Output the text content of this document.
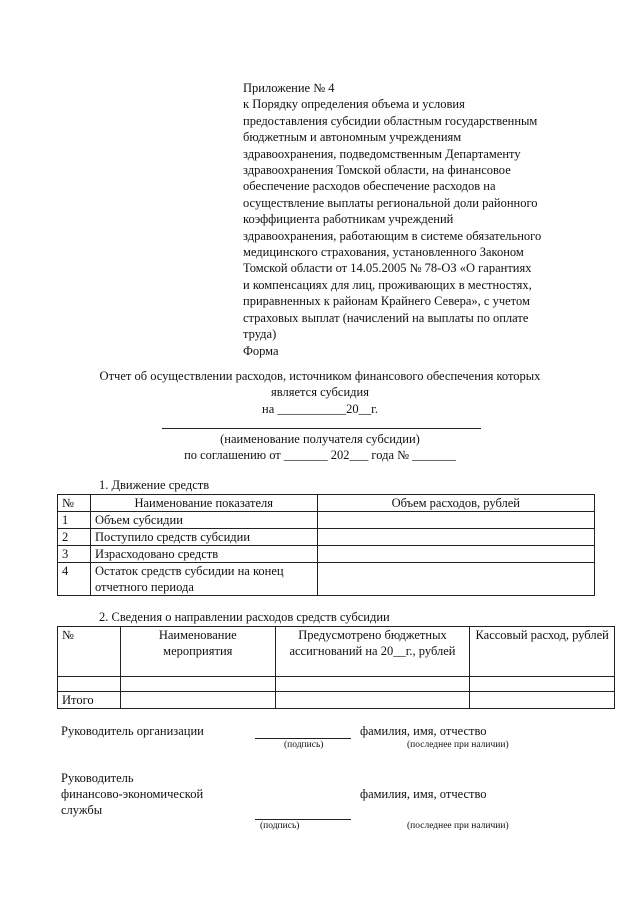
Приложение № 4
к Порядку определения объема и условия
предоставления субсидии областным государственным
бюджетным и автономным учреждениям
здравоохранения, подведомственным Департаменту
здравоохранения Томской области, на финансовое
обеспечение расходов обеспечение расходов на
осуществление выплаты региональной доли районного
коэффициента работникам учреждений
здравоохранения, работающим в системе обязательного
медицинского страхования, установленного Законом
Томской области от 14.05.2005 № 78-ОЗ «О гарантиях
и компенсациях для лиц, проживающих в местностях,
приравненных к районам Крайнего Севера», с учетом
страховых выплат (начислений на выплаты по оплате
труда)
Форма
Отчет об осуществлении расходов, источником финансового обеспечения которых
является субсидия
на ___________20__г.
(наименование получателя субсидии)
по соглашению от _______ 202___ года № _______
1. Движение средств
№	Наименование показателя	Объем расходов, рублей
1	Объем субсидии	
2	Поступило средств субсидии	
3	Израсходовано средств	
4	Остаток средств субсидии на конец отчетного периода	
2. Сведения о направлении расходов средств субсидии
№	Наименование мероприятия	Предусмотрено бюджетных ассигнований на 20__г., рублей	Кассовый расход, рублей

Итого			
Руководитель организации	фамилия, имя, отчество
(подпись)	(последнее при наличии)
Руководитель
финансово-экономической
службы
фамилия, имя, отчество
(подпись)	(последнее при наличии)
